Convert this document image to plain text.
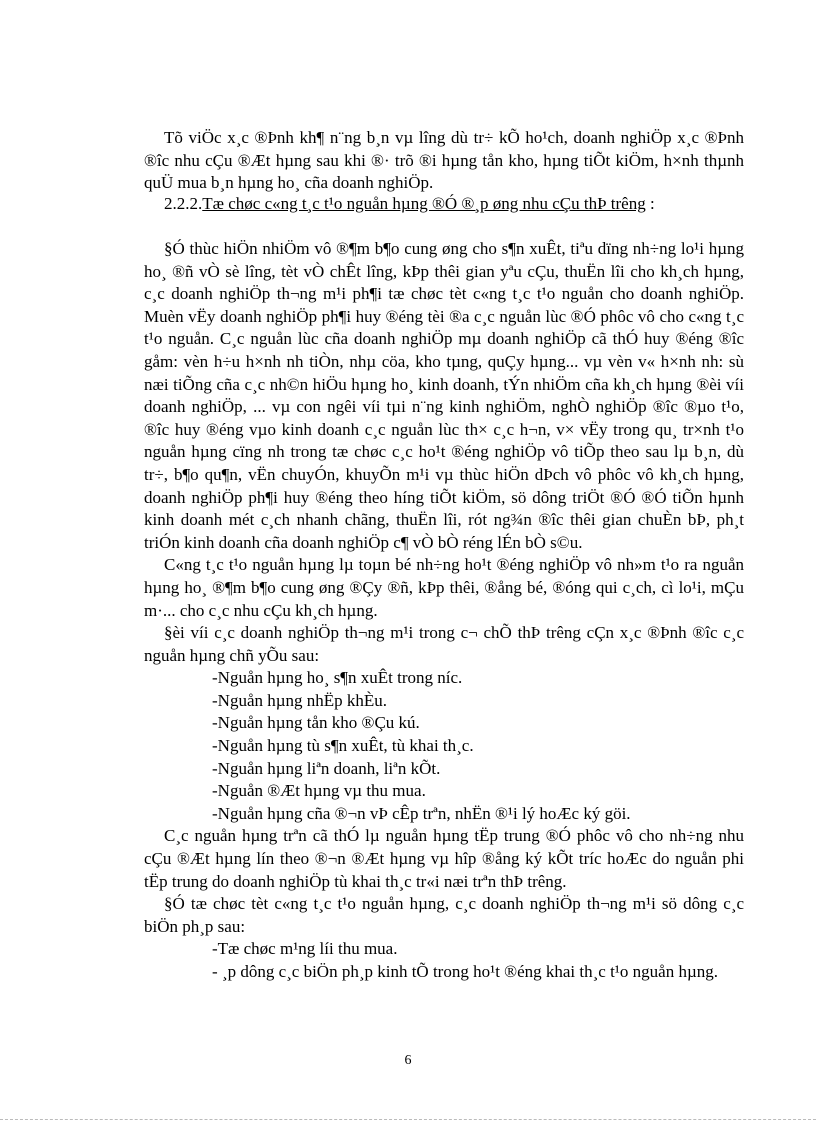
Tõ viÖc x¸c ®Þnh kh¶ n¨ng b¸n vµ lîng dù tr÷ kÕ ho¹ch, doanh nghiÖp x¸c ®Þnh ®îc nhu cÇu ®Æt hµng sau khi ®· trõ ®i hµng tån kho, hµng tiÕt kiÖm, h×nh thµnh quÜ mua b¸n hµng ho¸ cña doanh nghiÖp.

2.2.2.Tæ chøc c«ng t¸c t¹o nguån hµng ®Ó ®¸p øng nhu cÇu thÞ trêng :

§Ó thùc hiÖn nhiÖm vô ®¶m b¶o cung øng cho s¶n xuÊt, tiªu dïng nh÷ng lo¹i hµng ho¸ ®ñ vÒ sè lîng, tèt vÒ chÊt lîng, kÞp thêi gian yªu cÇu, thuËn lîi cho kh¸ch hµng, c¸c doanh nghiÖp th¬ng m¹i ph¶i tæ chøc tèt c«ng t¸c t¹o nguån cho doanh nghiÖp. Muèn vËy doanh nghiÖp ph¶i huy ®éng tèi ®a c¸c nguån lùc ®Ó phôc vô cho c«ng t¸c t¹o nguån. C¸c nguån lùc cña doanh nghiÖp mµ doanh nghiÖp cã thÓ huy ®éng ®îc gåm: vèn h÷u h×nh nh tiÒn, nhµ cöa, kho tµng, quÇy hµng... vµ vèn v« h×nh nh: sù næi tiÕng cña c¸c nh©n hiÖu hµng ho¸ kinh doanh, tÝn nhiÖm cña kh¸ch hµng ®èi víi doanh nghiÖp, ... vµ con ngêi víi tµi n¨ng kinh nghiÖm, nghÒ nghiÖp ®îc ®µo t¹o, ®îc huy ®éng vµo kinh doanh c¸c nguån lùc th× c¸c h¬n, v× vËy trong qu¸ tr×nh t¹o nguån hµng cïng nh trong tæ chøc c¸c ho¹t ®éng nghiÖp vô tiÕp theo sau lµ b¸n, dù tr÷, b¶o qu¶n, vËn chuyÓn, khuyÕn m¹i vµ thùc hiÖn dÞch vô phôc vô kh¸ch hµng, doanh nghiÖp ph¶i huy ®éng theo híng tiÕt kiÖm, sö dông triÖt ®Ó ®Ó tiÕn hµnh kinh doanh mét c¸ch nhanh chãng, thuËn lîi, rót ng¾n ®îc thêi gian chuÈn bÞ, ph¸t triÓn kinh doanh cña doanh nghiÖp c¶ vÒ bÒ réng lÉn bÒ s©u.

C«ng t¸c t¹o nguån hµng lµ toµn bé nh÷ng ho¹t ®éng nghiÖp vô nh»m t¹o ra nguån hµng ho¸ ®¶m b¶o cung øng ®Çy ®ñ, kÞp thêi, ®ång bé, ®óng qui c¸ch, cì lo¹i, mÇu m·... cho c¸c nhu cÇu kh¸ch hµng.

§èi víi c¸c doanh nghiÖp th¬ng m¹i trong c¬ chÕ thÞ trêng cÇn x¸c ®Þnh ®îc c¸c nguån hµng chñ yÕu sau:

-Nguån hµng ho¸ s¶n xuÊt trong níc.

-Nguån hµng nhËp khÈu.

-Nguån hµng tån kho ®Çu kú.

-Nguån hµng tù s¶n xuÊt, tù khai th¸c.

-Nguån hµng liªn doanh, liªn kÕt.

-Nguån ®Æt hµng vµ thu mua.

-Nguån hµng cña ®¬n vÞ cÊp trªn, nhËn ®¹i lý hoÆc ký göi.

C¸c nguån hµng trªn cã thÓ lµ nguån hµng tËp trung ®Ó phôc vô cho nh÷ng nhu cÇu ®Æt hµng lín theo ®¬n ®Æt hµng vµ hîp ®ång ký kÕt tríc hoÆc do nguån phi tËp trung do doanh nghiÖp tù khai th¸c tr«i næi trªn thÞ trêng.

§Ó tæ chøc tèt c«ng t¸c t¹o nguån hµng, c¸c doanh nghiÖp th¬ng m¹i sö dông c¸c biÖn ph¸p sau:

-Tæ chøc m¹ng líi thu mua.

- ¸p dông c¸c biÖn ph¸p kinh tÕ trong ho¹t ®éng khai th¸c t¹o nguån hµng.

6
